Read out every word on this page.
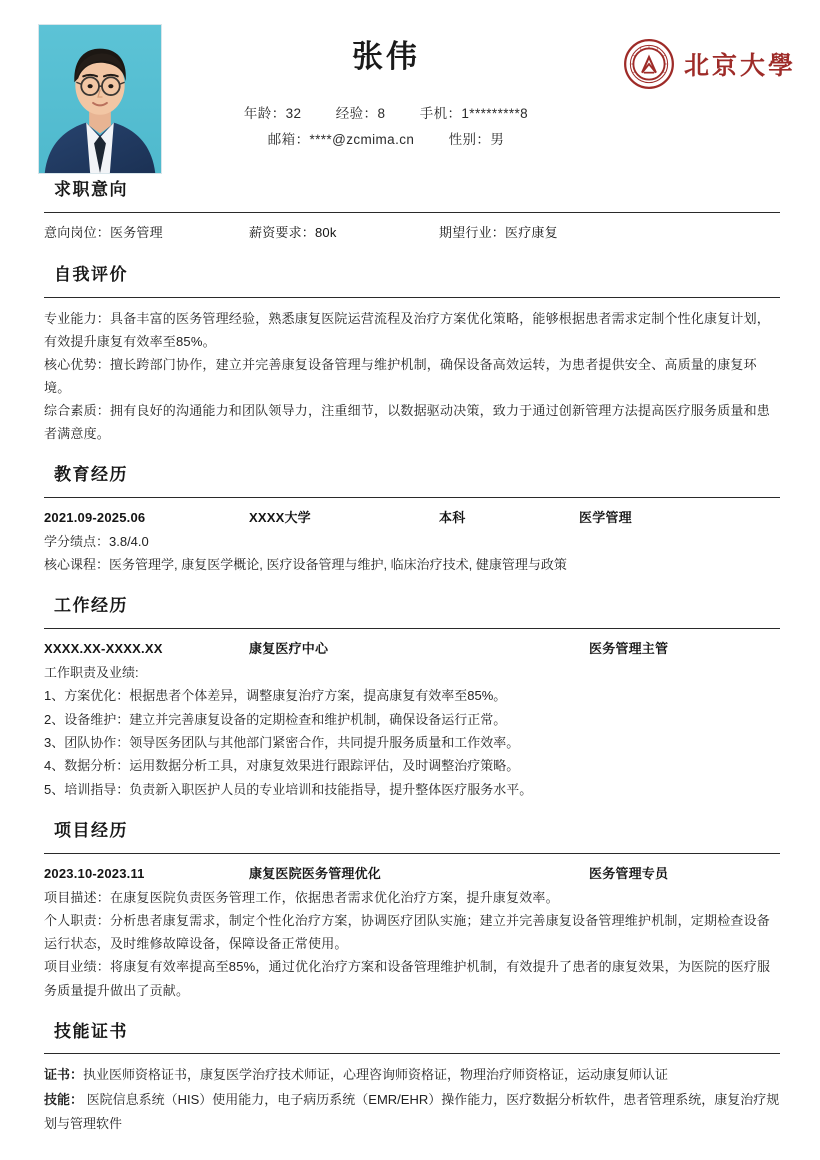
张伟
年龄：32	经验：8	手机：1*********8
邮箱：****@zcmima.cn	性别：男
北京大學
求职意向
意向岗位：医务管理	薪资要求：80k	期望行业：医疗康复
自我评价

专业能力：具备丰富的医务管理经验，熟悉康复医院运营流程及治疗方案优化策略，能够根据患者需求定制个性化康复计划，有效提升康复有效率至85%。

核心优势：擅长跨部门协作，建立并完善康复设备管理与维护机制，确保设备高效运转，为患者提供安全、高质量的康复环境。

综合素质：拥有良好的沟通能力和团队领导力，注重细节，以数据驱动决策，致力于通过创新管理方法提高医疗服务质量和患者满意度。

教育经历
2021.09-2025.06	XXXX大学	本科	医学管理
学分绩点：3.8/4.0
核心课程：医务管理学, 康复医学概论, 医疗设备管理与维护, 临床治疗技术, 健康管理与政策
工作经历
XXXX.XX-XXXX.XX	康复医疗中心	医务管理主管
工作职责及业绩:
1、方案优化：根据患者个体差异，调整康复治疗方案，提高康复有效率至85%。
2、设备维护：建立并完善康复设备的定期检查和维护机制，确保设备运行正常。
3、团队协作：领导医务团队与其他部门紧密合作，共同提升服务质量和工作效率。
4、数据分析：运用数据分析工具，对康复效果进行跟踪评估，及时调整治疗策略。
5、培训指导：负责新入职医护人员的专业培训和技能指导，提升整体医疗服务水平。
项目经历
2023.10-2023.11	康复医院医务管理优化	医务管理专员

项目描述：在康复医院负责医务管理工作，依据患者需求优化治疗方案，提升康复效率。

个人职责：分析患者康复需求，制定个性化治疗方案，协调医疗团队实施；建立并完善康复设备管理维护机制，定期检查设备运行状态，及时维修故障设备，保障设备正常使用。

项目业绩：将康复有效率提高至85%，通过优化治疗方案和设备管理维护机制，有效提升了患者的康复效果，为医院的医疗服务质量提升做出了贡献。

技能证书
证书：执业医师资格证书，康复医学治疗技术师证，心理咨询师资格证，物理治疗师资格证，运动康复师认证
技能： 医院信息系统（HIS）使用能力，电子病历系统（EMR/EHR）操作能力，医疗数据分析软件，患者管理系统，康复治疗规划与管理软件
